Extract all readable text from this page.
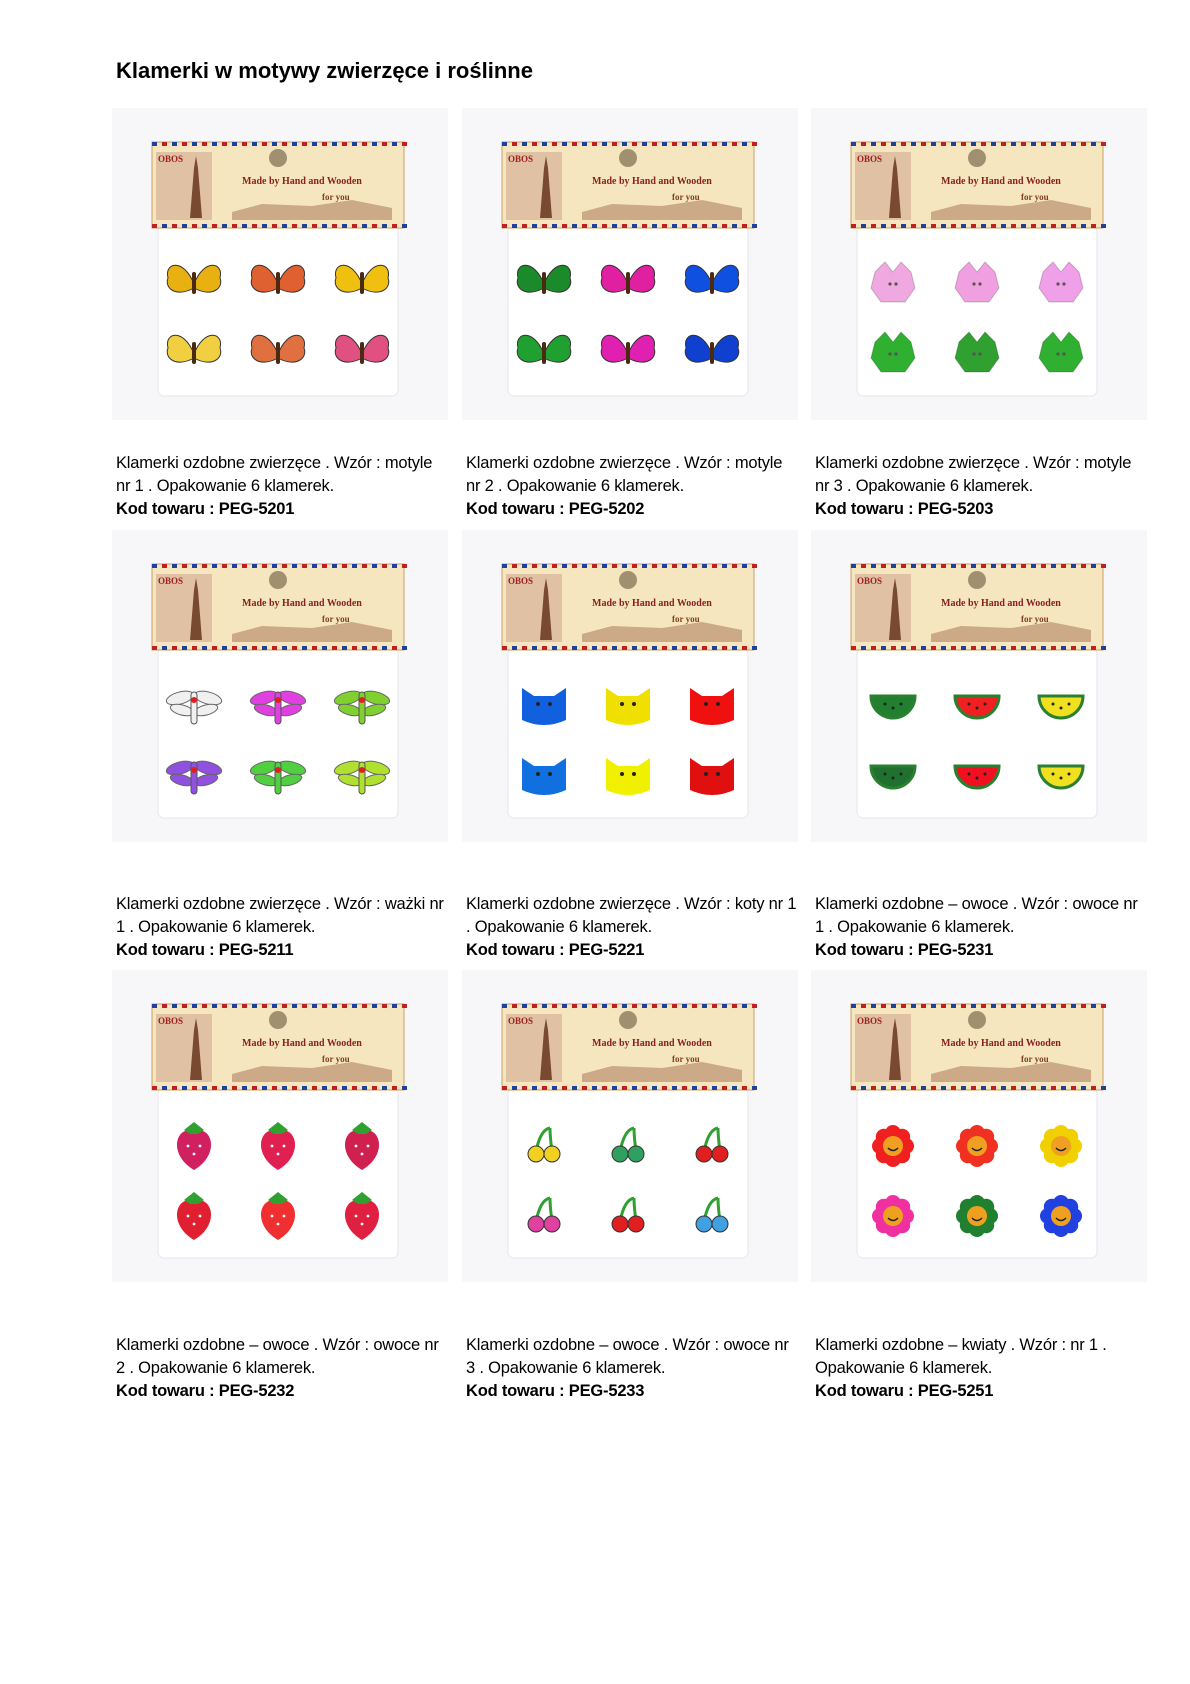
Klamerki w motywy zwierzęce i roślinne
OBOS
Made by Hand and Wooden
for you
Klamerki ozdobne zwierzęce . Wzór : motyle nr 1 . Opakowanie 6 klamerek.
Kod towaru : PEG-5201
OBOS
Made by Hand and Wooden
for you
Klamerki ozdobne zwierzęce . Wzór : motyle nr 2 . Opakowanie 6 klamerek.
Kod towaru : PEG-5202
OBOS
Made by Hand and Wooden
for you
Klamerki ozdobne zwierzęce . Wzór : motyle nr 3 . Opakowanie 6 klamerek.
Kod towaru : PEG-5203
OBOS
Made by Hand and Wooden
for you
Klamerki ozdobne zwierzęce . Wzór : ważki nr 1 . Opakowanie 6 klamerek.
Kod towaru : PEG-5211
OBOS
Made by Hand and Wooden
for you
Klamerki ozdobne zwierzęce . Wzór : koty nr 1 . Opakowanie 6 klamerek.
Kod towaru : PEG-5221
OBOS
Made by Hand and Wooden
for you
Klamerki ozdobne – owoce . Wzór : owoce nr 1 . Opakowanie 6 klamerek.
Kod towaru : PEG-5231
OBOS
Made by Hand and Wooden
for you
Klamerki ozdobne – owoce . Wzór : owoce nr 2 . Opakowanie 6 klamerek.
Kod towaru : PEG-5232
OBOS
Made by Hand and Wooden
for you
Klamerki ozdobne – owoce . Wzór : owoce nr 3 . Opakowanie 6 klamerek.
Kod towaru : PEG-5233
OBOS
Made by Hand and Wooden
for you
Klamerki ozdobne – kwiaty . Wzór : nr 1 . Opakowanie 6 klamerek.
Kod towaru : PEG-5251
